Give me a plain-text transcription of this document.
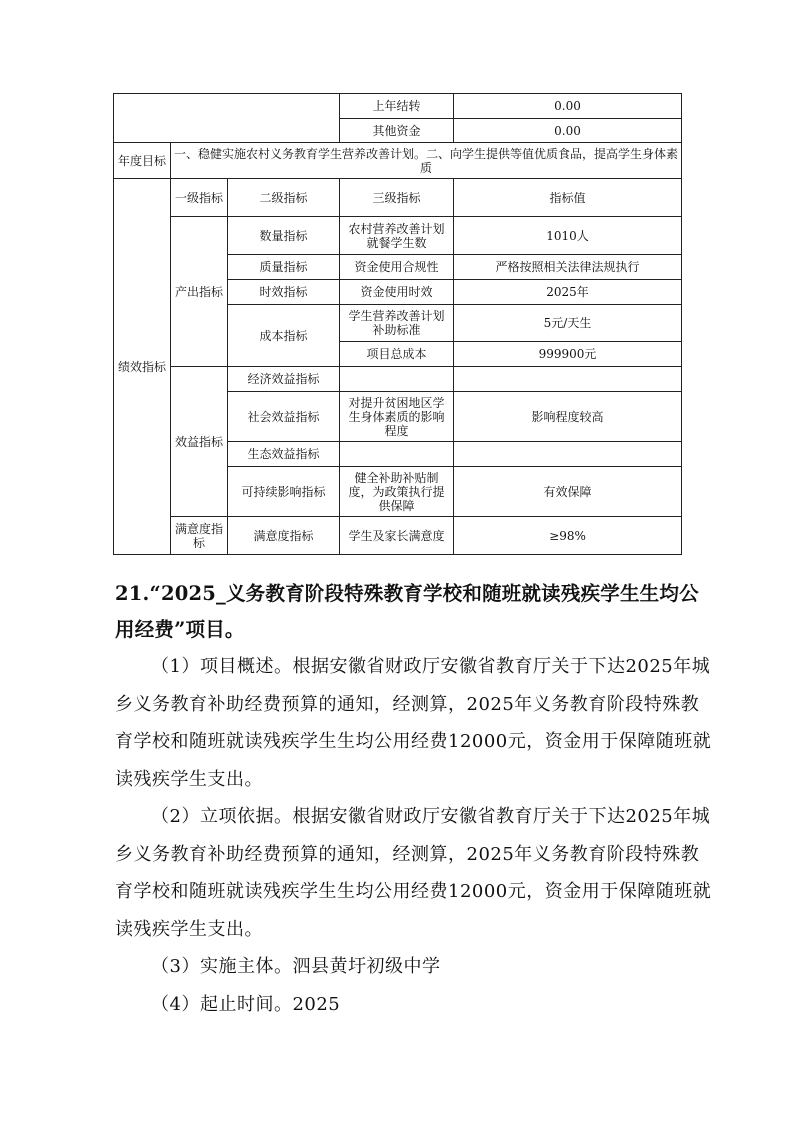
			上年结转	0.00
			其他资金	0.00
年度目标	一、稳健实施农村义务教育学生营养改善计划。二、向学生提供等值优质食品，提高学生身体素质			
绩效指标	一级指标	二级指标	三级指标	指标值
	产出指标	数量指标	农村营养改善计划就餐学生数	1010人
		质量指标	资金使用合规性	严格按照相关法律法规执行
		时效指标	资金使用时效	2025年
		成本指标	学生营养改善计划补助标准	5元/天生
			项目总成本	999900元
	效益指标	经济效益指标		
		社会效益指标	对提升贫困地区学生身体素质的影响程度	影响程度较高
		生态效益指标		
		可持续影响指标	健全补助补贴制度，为政策执行提供保障	有效保障
	满意度指标	满意度指标	学生及家长满意度	≥98%
21.“2025_义务教育阶段特殊教育学校和随班就读残疾学生生均公用经费”项目。

（1）项目概述。根据安徽省财政厅安徽省教育厅关于下达2025年城乡义务教育补助经费预算的通知，经测算，2025年义务教育阶段特殊教育学校和随班就读残疾学生生均公用经费12000元，资金用于保障随班就读残疾学生支出。

（2）立项依据。根据安徽省财政厅安徽省教育厅关于下达2025年城乡义务教育补助经费预算的通知，经测算，2025年义务教育阶段特殊教育学校和随班就读残疾学生生均公用经费12000元，资金用于保障随班就读残疾学生支出。

（3）实施主体。泗县黄圩初级中学

（4）起止时间。2025
